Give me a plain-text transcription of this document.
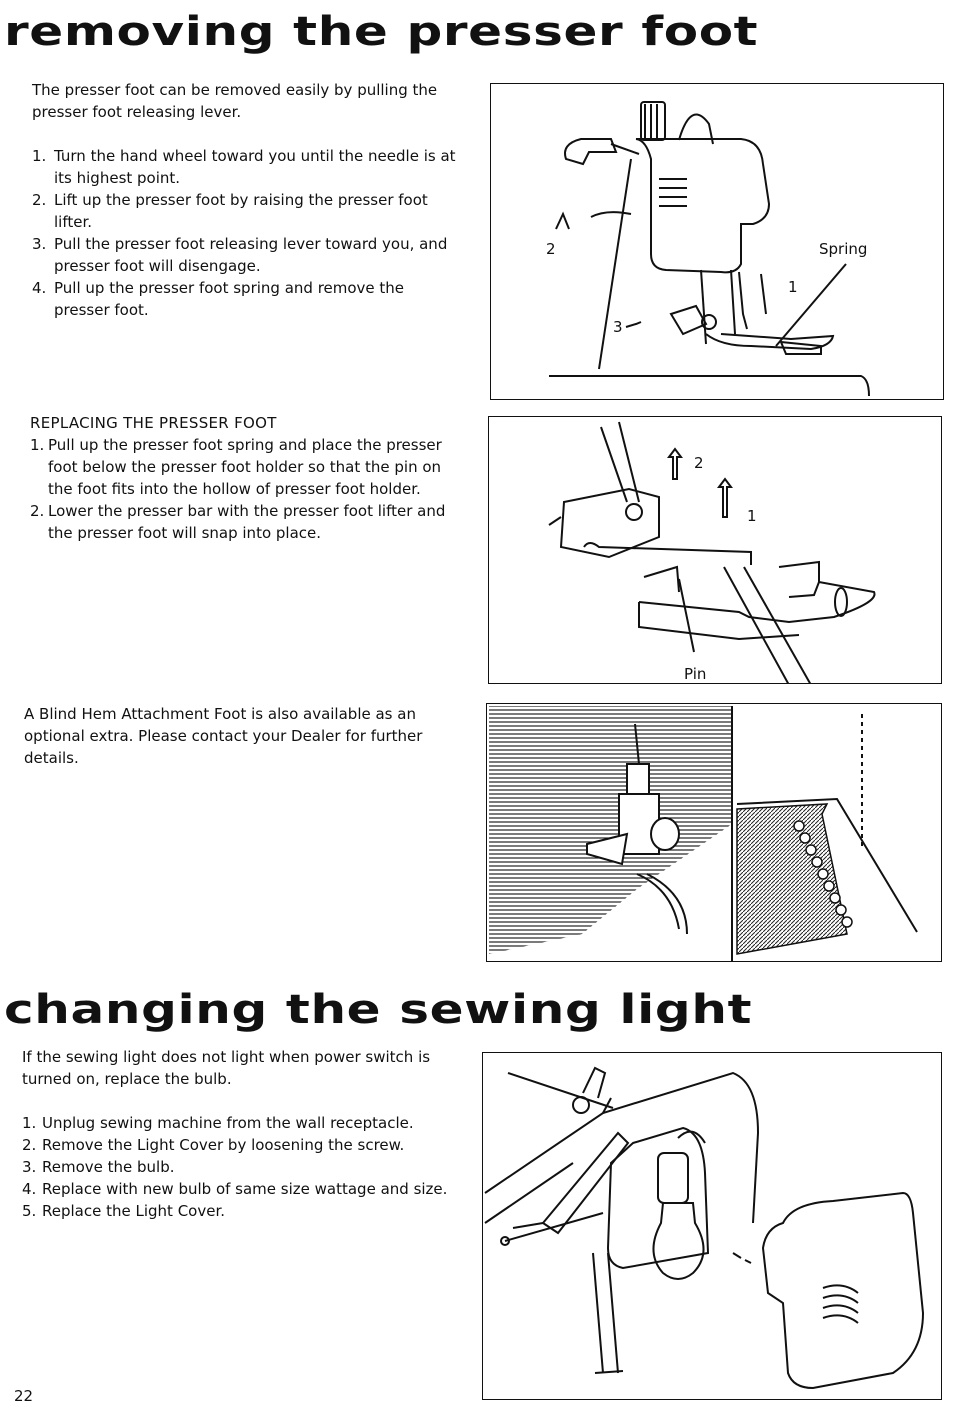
removing the presser foot

The presser foot can be removed easily by pulling the presser foot releasing lever.

1. Turn the hand wheel toward you until the needle is at its highest point.
2. Lift up the presser foot by raising the presser foot lifter.
3. Pull the presser foot releasing lever toward you, and presser foot will disengage.
4. Pull up the presser foot spring and remove the presser foot.
2	Spring
1
3

REPLACING THE PRESSER FOOT

1. Pull up the presser foot spring and place the presser foot below the presser foot holder so that the pin on the foot fits into the hollow of presser foot holder.
2. Lower the presser bar with the presser foot lifter and the presser foot will snap into place.
2
1
Pin

A Blind Hem Attachment Foot is also available as an optional extra. Please contact your Dealer for further details.

changing the sewing light

If the sewing light does not light when power switch is turned on, replace the bulb.

1. Unplug sewing machine from the wall receptacle.
2. Remove the Light Cover by loosening the screw.
3. Remove the bulb.
4. Replace with new bulb of same size wattage and size.
5. Replace the Light Cover.
22
